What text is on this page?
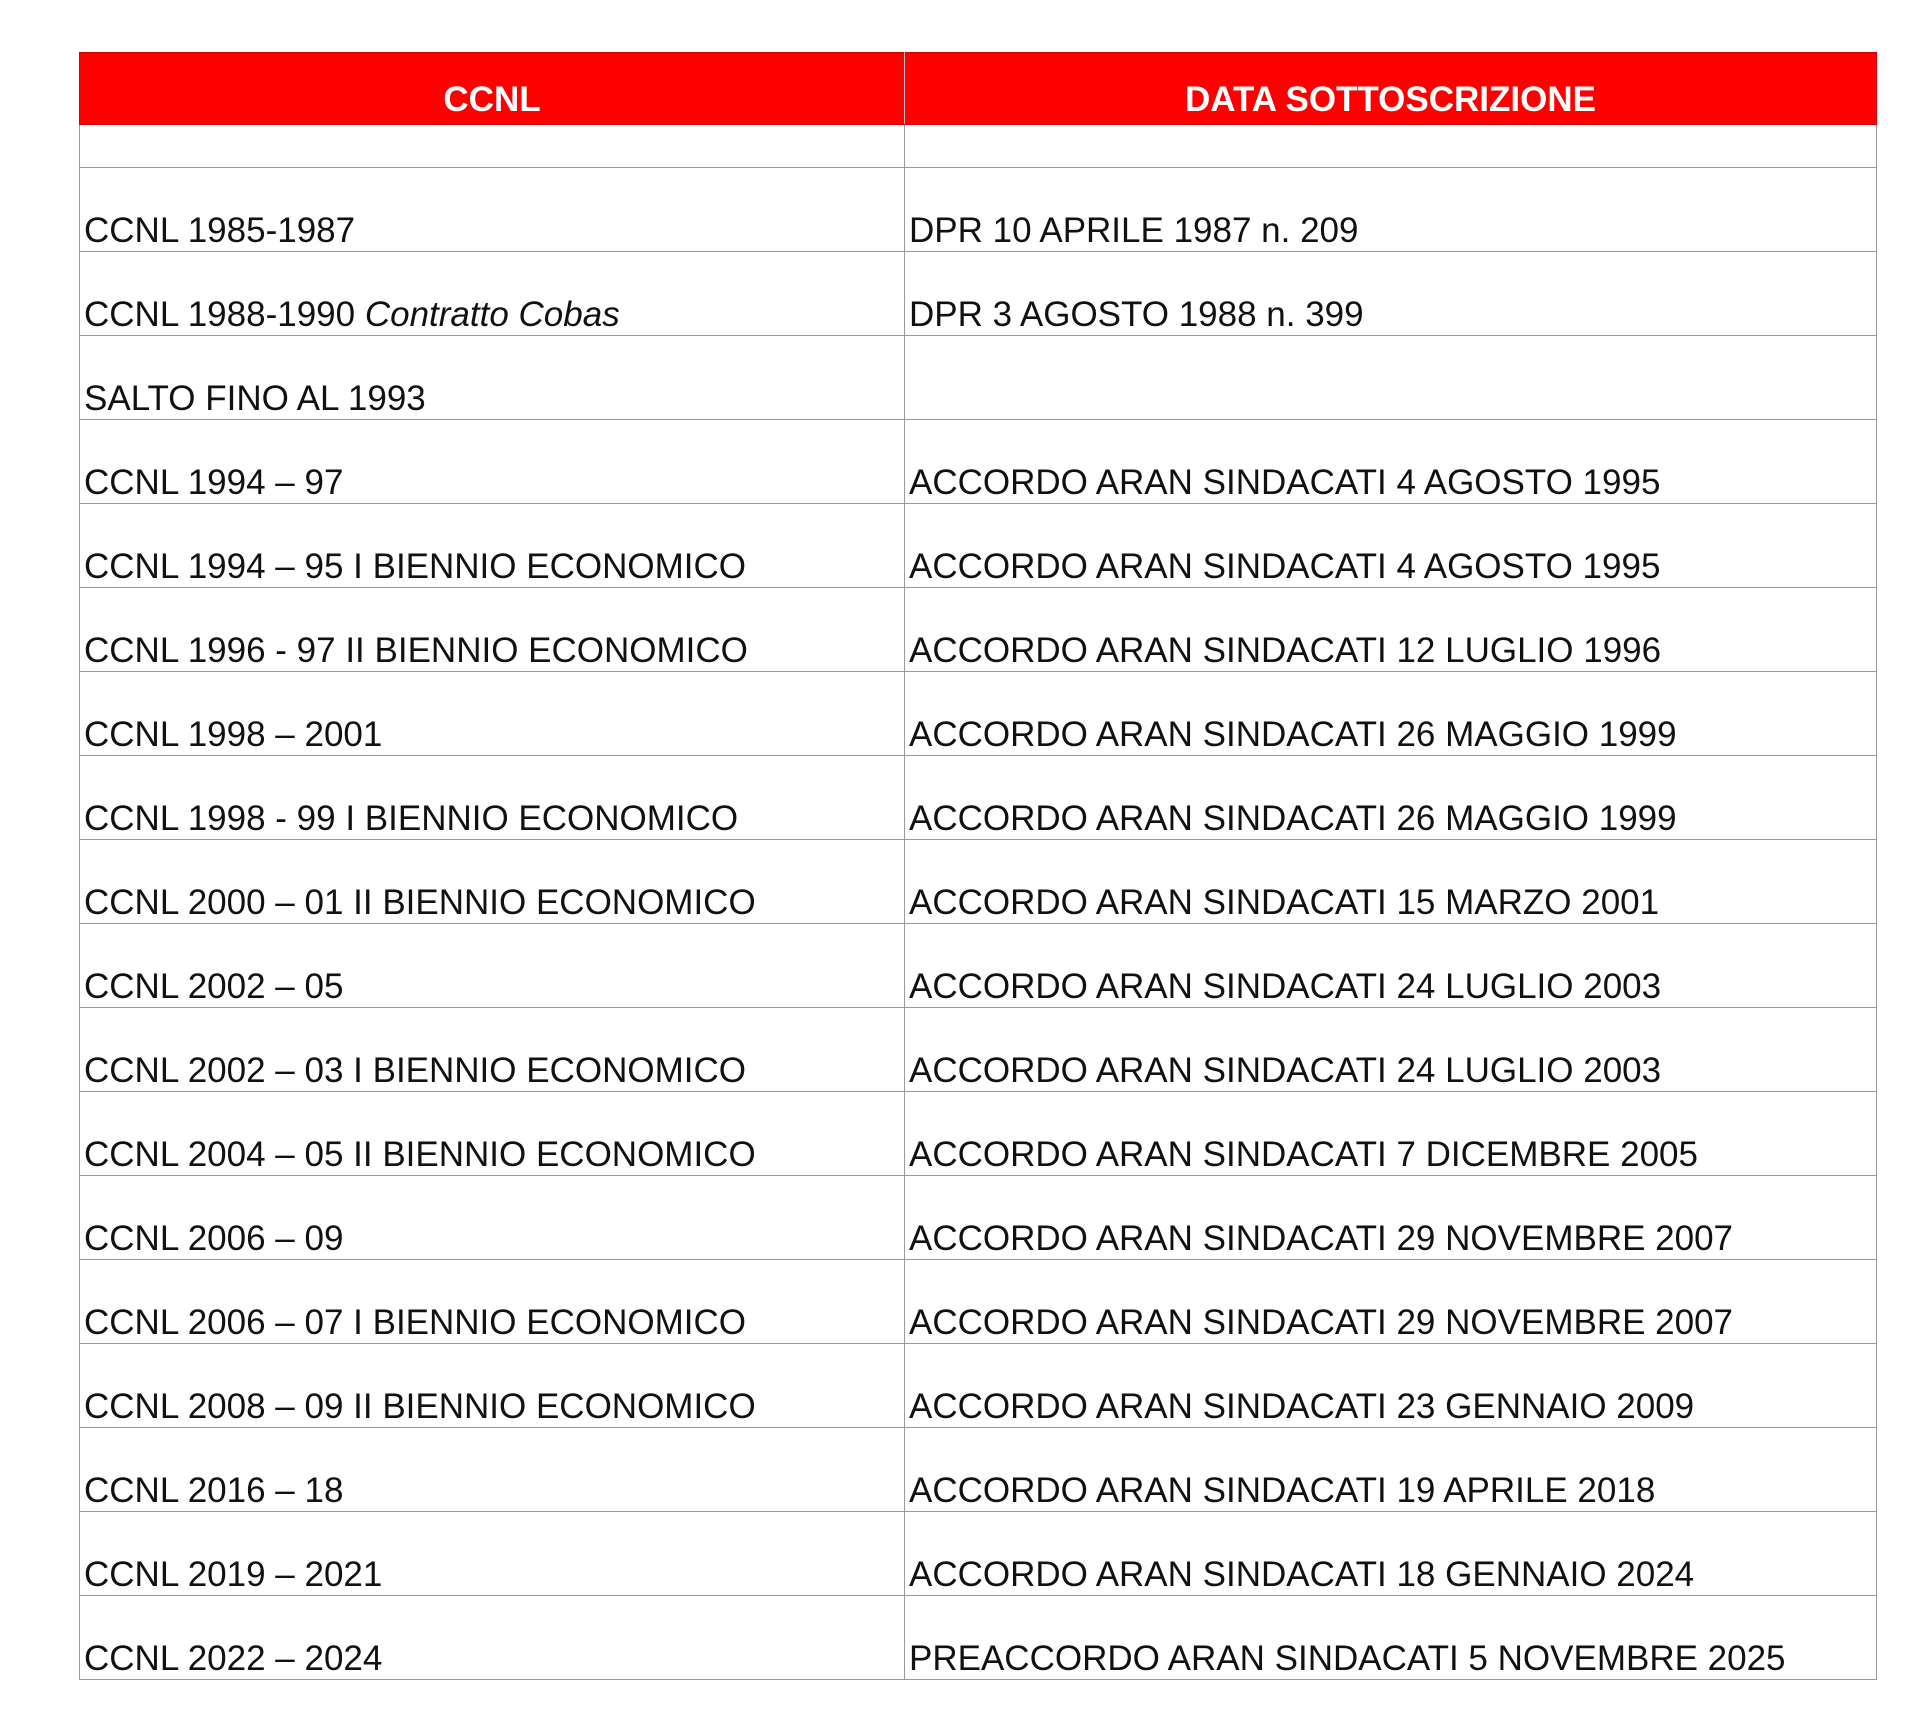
CCNL	DATA SOTTOSCRIZIONE

CCNL 1985-1987	DPR 10 APRILE 1987 n. 209
CCNL 1988-1990 Contratto Cobas	DPR 3 AGOSTO 1988 n. 399
SALTO FINO AL 1993	
CCNL 1994 – 97	ACCORDO ARAN SINDACATI 4 AGOSTO 1995
CCNL 1994 – 95 I BIENNIO ECONOMICO	ACCORDO ARAN SINDACATI 4 AGOSTO 1995
CCNL 1996 - 97 II BIENNIO ECONOMICO	ACCORDO ARAN SINDACATI 12 LUGLIO 1996
CCNL 1998 – 2001	ACCORDO ARAN SINDACATI 26 MAGGIO 1999
CCNL 1998 - 99 I BIENNIO ECONOMICO	ACCORDO ARAN SINDACATI 26 MAGGIO 1999
CCNL 2000 – 01 II BIENNIO ECONOMICO	ACCORDO ARAN SINDACATI 15 MARZO 2001
CCNL 2002 – 05	ACCORDO ARAN SINDACATI 24 LUGLIO 2003
CCNL 2002 – 03 I BIENNIO ECONOMICO	ACCORDO ARAN SINDACATI 24 LUGLIO 2003
CCNL 2004 – 05 II BIENNIO ECONOMICO	ACCORDO ARAN SINDACATI 7 DICEMBRE 2005
CCNL 2006 – 09	ACCORDO ARAN SINDACATI 29 NOVEMBRE 2007
CCNL 2006 – 07 I BIENNIO ECONOMICO	ACCORDO ARAN SINDACATI 29 NOVEMBRE 2007
CCNL 2008 – 09 II BIENNIO ECONOMICO	ACCORDO ARAN SINDACATI 23 GENNAIO 2009
CCNL 2016 – 18	ACCORDO ARAN SINDACATI 19 APRILE 2018
CCNL 2019 – 2021	ACCORDO ARAN SINDACATI 18 GENNAIO 2024
CCNL 2022 – 2024	PREACCORDO ARAN SINDACATI 5 NOVEMBRE 2025
